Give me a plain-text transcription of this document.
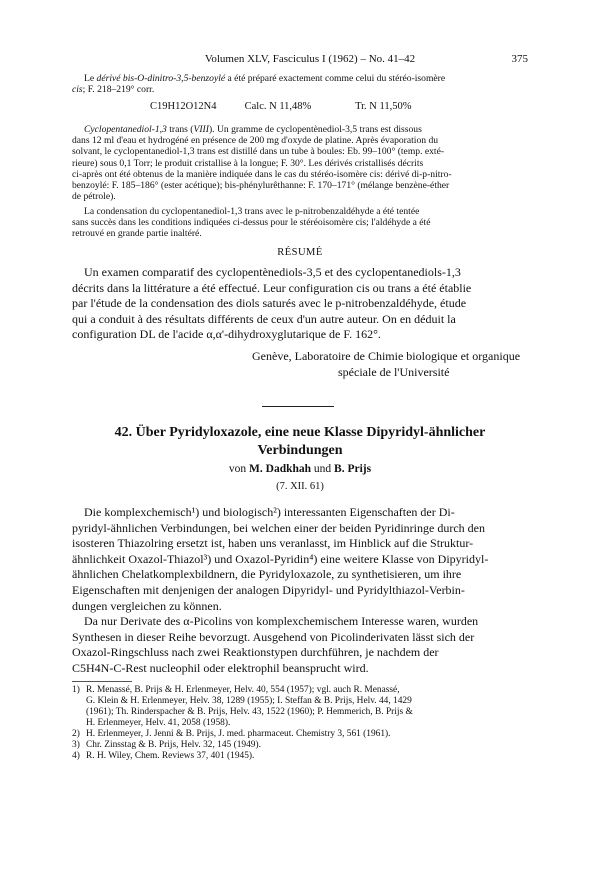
Volumen XLV, Fasciculus I (1962) – No. 41–42	375
Le dérivé bis-O-dinitro-3,5-benzoylé a été préparé exactement comme celui du stéréo-isomère
cis; F. 218–219° corr.
C19H12O12N4	Calc. N 11,48%	Tr. N 11,50%
Cyclopentanediol-1,3 trans (VIII). Un gramme de cyclopentènediol-3,5 trans est dissous
dans 12 ml d'eau et hydrogéné en présence de 200 mg d'oxyde de platine. Après évaporation du
solvant, le cyclopentanediol-1,3 trans est distillé dans un tube à boules: Eb. 99–100° (temp. exté-
rieure) sous 0,1 Torr; le produit cristallise à la longue; F. 30°. Les dérivés cristallisés décrits
ci-après ont été obtenus de la manière indiquée dans le cas du stéréo-isomère cis: dérivé di-p-nitro-
benzoylé: F. 185–186° (ester acétique); bis-phénylurêthanne: F. 170–171° (mélange benzène-éther
de pétrole).
La condensation du cyclopentanediol-1,3 trans avec le p-nitrobenzaldéhyde a été tentée
sans succès dans les conditions indiquées ci-dessus pour le stéréoisomère cis; l'aldéhyde a été
retrouvé en grande partie inaltéré.
RÉSUMÉ
Un examen comparatif des cyclopentènediols-3,5 et des cyclopentanediols-1,3
décrits dans la littérature a été effectué. Leur configuration cis ou trans a été établie
par l'étude de la condensation des diols saturés avec le p-nitrobenzaldéhyde, étude
qui a conduit à des résultats différents de ceux d'un autre auteur. On en déduit la
configuration DL de l'acide α,α'-dihydroxyglutarique de F. 162°.
Genève, Laboratoire de Chimie biologique et organique
spéciale de l'Université
42. Über Pyridyloxazole, eine neue Klasse Dipyridyl-ähnlicher
Verbindungen
von M. Dadkhah und B. Prijs
(7. XII. 61)
Die komplexchemisch¹) und biologisch²) interessanten Eigenschaften der Di-
pyridyl-ähnlichen Verbindungen, bei welchen einer der beiden Pyridinringe durch den
isosteren Thiazolring ersetzt ist, haben uns veranlasst, im Hinblick auf die Struktur-
ähnlichkeit Oxazol-Thiazol³) und Oxazol-Pyridin⁴) eine weitere Klasse von Dipyridyl-
ähnlichen Chelatkomplexbildnern, die Pyridyloxazole, zu synthetisieren, um ihre
Eigenschaften mit denjenigen der analogen Dipyridyl- und Pyridylthiazol-Verbin-
dungen vergleichen zu können.
Da nur Derivate des α-Picolins von komplexchemischem Interesse waren, wurden
Synthesen in dieser Reihe bevorzugt. Ausgehend von Picolinderivaten lässt sich der
Oxazol-Ringschluss nach zwei Reaktionstypen durchführen, je nachdem der
C5H4N-C-Rest nucleophil oder elektrophil beansprucht wird.
1) R. Menassé, B. Prijs & H. Erlenmeyer, Helv. 40, 554 (1957); vgl. auch R. Menassé,
G. Klein & H. Erlenmeyer, Helv. 38, 1289 (1955); I. Steffan & B. Prijs, Helv. 44, 1429
(1961); Th. Rinderspacher & B. Prijs, Helv. 43, 1522 (1960); P. Hemmerich, B. Prijs &
H. Erlenmeyer, Helv. 41, 2058 (1958).
2) H. Erlenmeyer, J. Jenni & B. Prijs, J. med. pharmaceut. Chemistry 3, 561 (1961).
3) Chr. Zinsstag & B. Prijs, Helv. 32, 145 (1949).
4) R. H. Wiley, Chem. Reviews 37, 401 (1945).
